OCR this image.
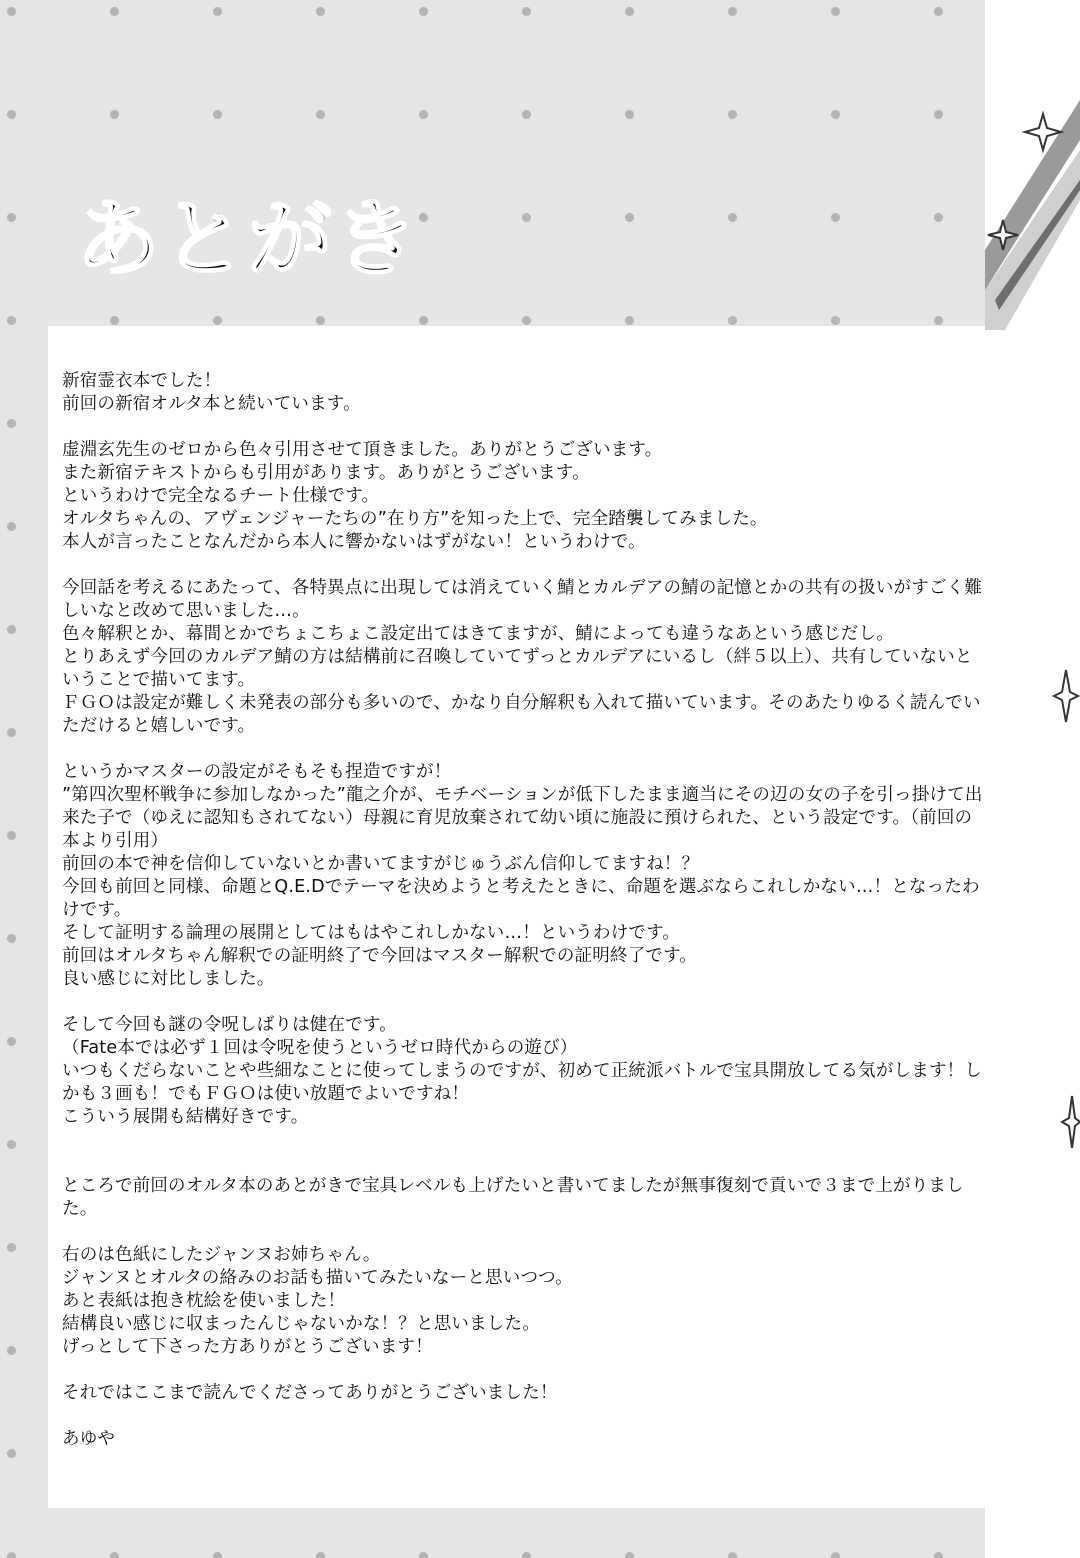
あとがき
新宿霊衣本でした！
前回の新宿オルタ本と続いています。
虚淵玄先生のゼロから色々引用させて頂きました。ありがとうございます。
また新宿テキストからも引用があります。ありがとうございます。
というわけで完全なるチート仕様です。
オルタちゃんの、アヴェンジャーたちの”在り方”を知った上で、完全踏襲してみました。
本人が言ったことなんだから本人に響かないはずがない！というわけで。
今回話を考えるにあたって、各特異点に出現しては消えていく鯖とカルデアの鯖の記憶とかの共有の扱いがすごく難しいなと改めて思いました…。
色々解釈とか、幕間とかでちょこちょこ設定出てはきてますが、鯖によっても違うなあという感じだし。
とりあえず今回のカルデア鯖の方は結構前に召喚していてずっとカルデアにいるし（絆５以上）、共有していないということで描いてます。
ＦＧＯは設定が難しく未発表の部分も多いので、かなり自分解釈も入れて描いています。そのあたりゆるく読んでいただけると嬉しいです。
というかマスターの設定がそもそも捏造ですが！
”第四次聖杯戦争に参加しなかった”龍之介が、モチベーションが低下したまま適当にその辺の女の子を引っ掛けて出来た子で（ゆえに認知もされてない）母親に育児放棄されて幼い頃に施設に預けられた、という設定です。（前回の本より引用）
前回の本で神を信仰していないとか書いてますがじゅうぶん信仰してますね！？
今回も前回と同様、命題とQ.E.Dでテーマを決めようと考えたときに、命題を選ぶならこれしかない…！となったわけです。
そして証明する論理の展開としてはもはやこれしかない…！というわけです。
前回はオルタちゃん解釈での証明終了で今回はマスター解釈での証明終了です。
良い感じに対比しました。
そして今回も謎の令呪しばりは健在です。
（Fate本では必ず１回は令呪を使うというゼロ時代からの遊び）
いつもくだらないことや些細なことに使ってしまうのですが、初めて正統派バトルで宝具開放してる気がします！しかも３画も！でもＦＧＯは使い放題でよいですね！
こういう展開も結構好きです。
ところで前回のオルタ本のあとがきで宝具レベルも上げたいと書いてましたが無事復刻で貢いで３まで上がりました。
右のは色紙にしたジャンヌお姉ちゃん。
ジャンヌとオルタの絡みのお話も描いてみたいなーと思いつつ。
あと表紙は抱き枕絵を使いました！
結構良い感じに収まったんじゃないかな！？と思いました。
げっとして下さった方ありがとうございます！
それではここまで読んでくださってありがとうございました！

あゆや
